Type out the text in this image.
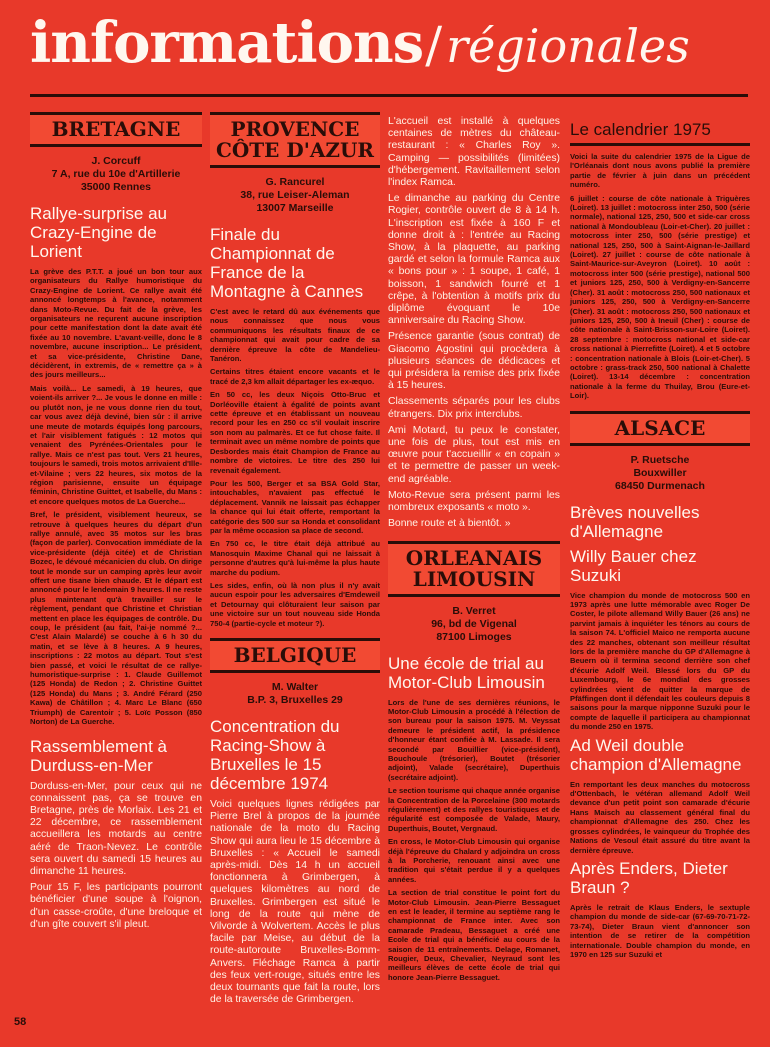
informations / régionales
BRETAGNE
J. Corcuff
7 A, rue du 10e d'Artillerie
35000 Rennes
Rallye-surprise au Crazy-Engine de Lorient

La grève des P.T.T. a joué un bon tour aux organisateurs du Rallye humoristique du Crazy-Engine de Lorient. Ce rallye avait été annoncé longtemps à l'avance, notamment dans Moto-Revue. Du fait de la grève, les organisateurs ne reçurent aucune inscription pour cette manifestation dont la date avait été fixée au 10 novembre. L'avant-veille, donc le 8 novembre, aucune inscription... Le président, et sa vice-présidente, Christine Dane, décidèrent, in extremis, de « remettre ça » à des jours meilleurs...

Mais voilà... Le samedi, à 19 heures, que voient-ils arriver ?... Je vous le donne en mille : ou plutôt non, je ne vous donne rien du tout, car vous avez déjà deviné, bien sûr : il arrive une meute de motards équipés long parcours, et l'air visiblement fatigués : 12 motos qui venaient des Pyrénées-Orientales pour le rallye. Mais ce n'est pas tout. Vers 21 heures, toujours le samedi, trois motos arrivaient d'Ille-et-Vilaine ; vers 22 heures, six motos de la région parisienne, ensuite un équipage féminin, Christine Guittet, et Isabelle, du Mans : et encore quelques motos de La Guerche...

Bref, le président, visiblement heureux, se retrouve à quelques heures du départ d'un rallye annulé, avec 35 motos sur les bras (façon de parler). Convocation immédiate de la vice-présidente (déjà citée) et de Christian Bozec, le dévoué mécanicien du club. On dirige tout le monde sur un camping après leur avoir offert une tisane bien chaude. Et le départ est annoncé pour le lendemain 9 heures. Il ne reste plus maintenant qu'à travailler sur le règlement, pendant que Christine et Christian mettent en place les équipages de contrôle. Du coup, le président (au fait, l'ai-je nommé ?... C'est Alain Malardé) se couche à 6 h 30 du matin, et se lève à 8 heures. A 9 heures, inscriptions : 22 motos au départ. Tout s'est bien passé, et voici le résultat de ce rallye-humoristique-surprise : 1. Claude Guillemot (125 Honda) de Redon ; 2. Christine Guittet (125 Honda) du Mans ; 3. André Férard (250 Kawa) de Châtillon ; 4. Marc Le Blanc (650 Triumph) de Carentoir ; 5. Loïc Posson (850 Norton) de La Guerche.

Rassemblement à Durduss-en-Mer

Dorduss-en-Mer, pour ceux qui ne connaissent pas, ça se trouve en Bretagne, près de Morlaix. Les 21 et 22 décembre, ce rassemblement accueillera les motards au centre aéré de Traon-Nevez. Le contrôle sera ouvert du samedi 15 heures au dimanche 11 heures.

Pour 15 F, les participants pourront bénéficier d'une soupe à l'oignon, d'un casse-croûte, d'une breloque et d'un gîte couvert s'il pleut.

PROVENCE CÔTE D'AZUR
G. Rancurel
38, rue Leiser-Aleman
13007 Marseille
Finale du Championnat de France de la Montagne à Cannes

C'est avec le retard dû aux événements que nous connaissez que nous vous communiquons les résultats finaux de ce championnat qui avait pour cadre de sa dernière épreuve la côte de Mandelieu-Tanéron.

Certains titres étaient encore vacants et le tracé de 2,3 km allait départager les ex-æquo.

En 50 cc, les deux Niçois Otto-Bruc et Dorléoville étaient à égalité de points avant cette épreuve et en établissant un nouveau record pour les en 250 cc s'il voulait inscrire son nom au palmarès. Et ce fut chose faite. Il terminait avec un même nombre de points que Desbordes mais était Champion de France au nombre de victoires. Le titre des 250 lui revenait également.

Pour les 500, Berger et sa BSA Gold Star, intouchables, n'avaient pas effectué le déplacement. Vannik ne laissait pas échapper la chance qui lui était offerte, remportant la catégorie des 500 sur sa Honda et consolidant par la même occasion sa place de second.

En 750 cc, le titre était déjà attribué au Manosquin Maxime Chanal qui ne laissait à personne d'autres qu'à lui-même la plus haute marche du podium.

Les sides, enfin, où là non plus il n'y avait aucun espoir pour les adversaires d'Emdeweil et Detournay qui clôturaient leur saison par une victoire sur un tout nouveau side Honda 750-4 (partie-cycle et moteur ?).

BELGIQUE
M. Walter
B.P. 3, Bruxelles 29
Concentration du Racing-Show à Bruxelles le 15 décembre 1974

Voici quelques lignes rédigées par Pierre Brel à propos de la journée nationale de la moto du Racing Show qui aura lieu le 15 décembre à Bruxelles : « Accueil le samedi après-midi. Dès 14 h un accueil fonctionnera à Grimbergen, à quelques kilomètres au nord de Bruxelles. Grimbergen est situé le long de la route qui mène de Vilvorde à Wolvertem. Accès le plus facile par Meise, au début de la route-autoroute Bruxelles-Bomm-Anvers. Fléchage Ramca à partir des feux vert-rouge, situés entre les deux tournants que fait la route, lors de la traversée de Grimbergen.

L'accueil est installé à quelques centaines de mètres du château-restaurant : « Charles Roy ». Camping — possibilités (limitées) d'hébergement. Ravitaillement selon l'index Ramca.

Le dimanche au parking du Centre Rogier, contrôle ouvert de 8 à 14 h. L'inscription est fixée à 160 F et donne droit à : l'entrée au Racing Show, à la plaquette, au parking gardé et selon la formule Ramca aux « bons pour » : 1 soupe, 1 café, 1 boisson, 1 sandwich fourré et 1 crêpe, à l'obtention à motifs prix du diplôme évoquant le 10e anniversaire du Racing Show.

Présence garantie (sous contrat) de Giacomo Agostini qui procèdera à plusieurs séances de dédicaces et qui présidera la remise des prix fixée à 15 heures.

Classements séparés pour les clubs étrangers. Dix prix interclubs.

Ami Motard, tu peux le constater, une fois de plus, tout est mis en œuvre pour t'accueillir « en copain » et te permettre de passer un week-end agréable.

Moto-Revue sera présent parmi les nombreux exposants « moto ».

Bonne route et à bientôt. »

ORLEANAIS LIMOUSIN
B. Verret
96, bd de Vigenal
87100 Limoges
Une école de trial au Motor-Club Limousin

Lors de l'une de ses dernières réunions, le Motor-Club Limousin a procédé à l'élection de son bureau pour la saison 1975. M. Veyssat demeure le président actif, la présidence d'honneur étant confiée à M. Lassade. Il sera secondé par Bouillier (vice-président), Bouchoule (trésorier), Boutet (trésorier adjoint), Valade (secrétaire), Duperthuis (secrétaire adjoint).

Le section tourisme qui chaque année organise la Concentration de la Porcelaine (300 motards régulièrement) et des rallyes touristiques et de régularité est composée de Valade, Maury, Duperthuis, Boutet, Vergnaud.

En cross, le Motor-Club Limousin qui organise déjà l'épreuve du Chalard y adjoindra un cross à la Porcherie, renouant ainsi avec une tradition qui s'était perdue il y a quelques années.

La section de trial constitue le point fort du Motor-Club Limousin. Jean-Pierre Bessaguet en est le leader, il termine au septième rang le championnat de France inter. Avec son camarade Pradeau, Bessaguet a créé une Ecole de trial qui a bénéficié au cours de la saison de 11 entraînements. Delage, Romanet, Rougier, Deux, Chevalier, Neyraud sont les meilleurs élèves de cette école de trial qui honore Jean-Pierre Bessaguet.

Le calendrier 1975

Voici la suite du calendrier 1975 de la Ligue de l'Orléanais dont nous avons publié la première partie de février à juin dans un précédent numéro.

6 juillet : course de côte nationale à Triguères (Loiret). 13 juillet : motocross inter 250, 500 (série normale), national 125, 250, 500 et side-car cross national à Mondoubleau (Loir-et-Cher). 20 juillet : motocross inter 250, 500 (série prestige) et national 125, 250, 500 à Saint-Aignan-le-Jaillard (Loiret). 27 juillet : course de côte nationale à Saint-Maurice-sur-Aveyron (Loiret). 10 août : motocross inter 500 (série prestige), national 500 et juniors 125, 250, 500 à Verdigny-en-Sancerre (Cher). 31 août : motocross 250, 500 nationaux et juniors 125, 250, 500 à Verdigny-en-Sancerre (Cher). 31 août : motocross 250, 500 nationaux et juniors 125, 250, 500 à Ineuil (Cher) : course de côte nationale à Saint-Brisson-sur-Loire (Loiret). 28 septembre : motocross national et side-car cross national à Pierrefitte (Loiret). 4 et 5 octobre : concentration nationale à Blois (Loir-et-Cher). 5 octobre : grass-track 250, 500 national à Chalette (Loiret). 13-14 décembre : concentration nationale à la ferme du Thuilay, Brou (Eure-et-Loir).

ALSACE
P. Ruetsche
Bouxwiller
68450 Durmenach
Brèves nouvelles d'Allemagne
Willy Bauer chez Suzuki

Vice champion du monde de motocross 500 en 1973 après une lutte mémorable avec Roger De Coster, le pilote allemand Willy Bauer (26 ans) ne parvint jamais à inquiéter les ténors au cours de la saison 74. L'officiel Maico ne remporta aucune des 22 manches, obtenant son meilleur résultat lors de la première manche du GP d'Allemagne à Beuern où il termina second derrière son chef d'écurie Adolf Weil. Blessé lors du GP du Luxembourg, le 6e mondial des grosses cylindrées vient de quitter la marque de Pfäffingen dont il défendait les couleurs depuis 8 saisons pour la marque nipponne Suzuki pour le compte de laquelle il participera au championnat du monde 250 en 1975.

Ad Weil double champion d'Allemagne

En remportant les deux manches du motocross d'Ottenbach, le vétéran allemand Adolf Weil devance d'un petit point son camarade d'écurie Hans Maisch au classement général final du championnat d'Allemagne des 250. Chez les grosses cylindrées, le vainqueur du Trophée des Nations de Vesoul était assuré du titre avant la dernière épreuve.

Après Enders, Dieter Braun ?

Après le retrait de Klaus Enders, le sextuple champion du monde de side-car (67-69-70-71-72-73-74), Dieter Braun vient d'annoncer son intention de se retirer de la compétition internationale. Double champion du monde, en 1970 en 125 sur Suzuki et

58
